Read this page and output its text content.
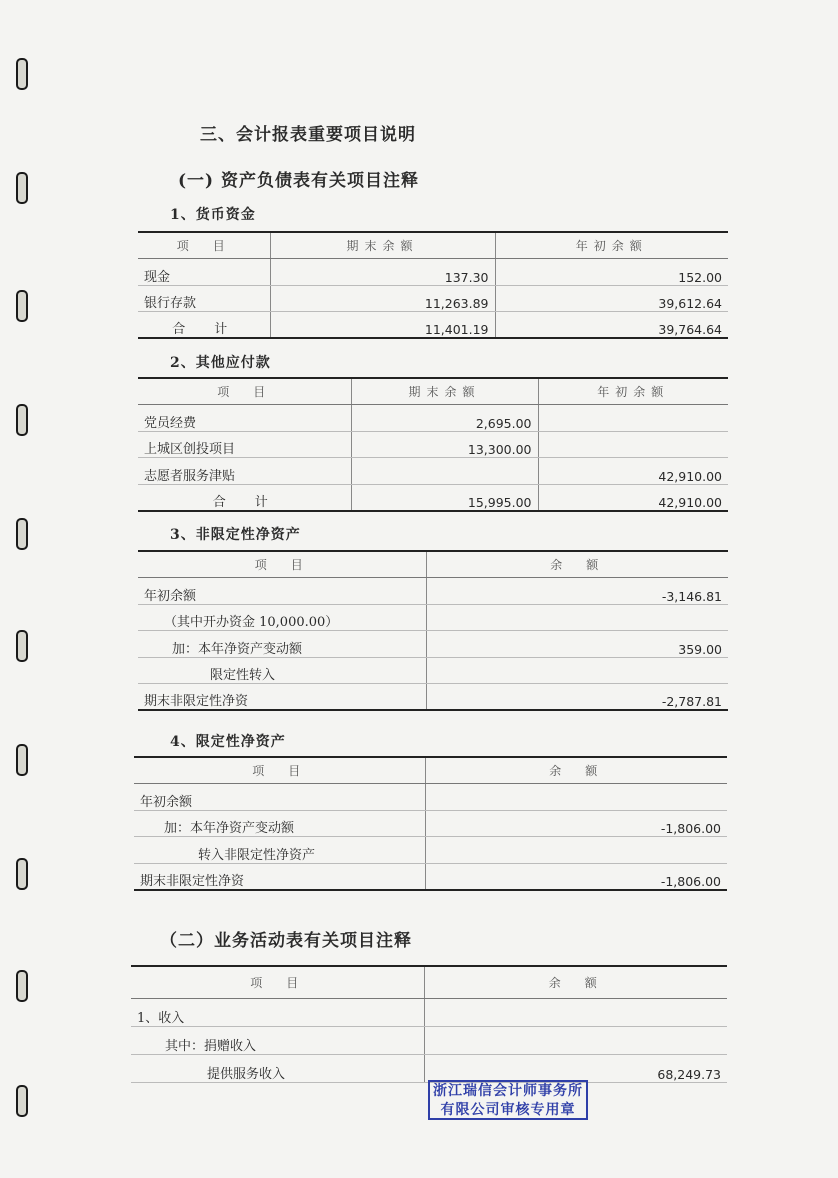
三、会计报表重要项目说明
(一) 资产负债表有关项目注释
1、货币资金
项　目	期末余额	年初余额
现金	137.30	152.00
银行存款	11,263.89	39,612.64
合　计	11,401.19	39,764.64
2、其他应付款
项　目	期末余额	年初余额
党员经费	2,695.00	
上城区创投项目	13,300.00	
志愿者服务津贴		42,910.00
合　计	15,995.00	42,910.00
3、非限定性净资产
项　目	余　额
年初余额	-3,146.81
（其中开办资金 10,000.00）	
加：本年净资产变动额	359.00
限定性转入	
期末非限定性净资	-2,787.81
4、限定性净资产
项　目	余　额
年初余额	
加：本年净资产变动额	-1,806.00
转入非限定性净资产	
期末非限定性净资	-1,806.00
（二）业务活动表有关项目注释
项　目	余　额
1、收入	
其中：捐赠收入	
提供服务收入	68,249.73
浙江瑞信会计师事务所
有限公司审核专用章
